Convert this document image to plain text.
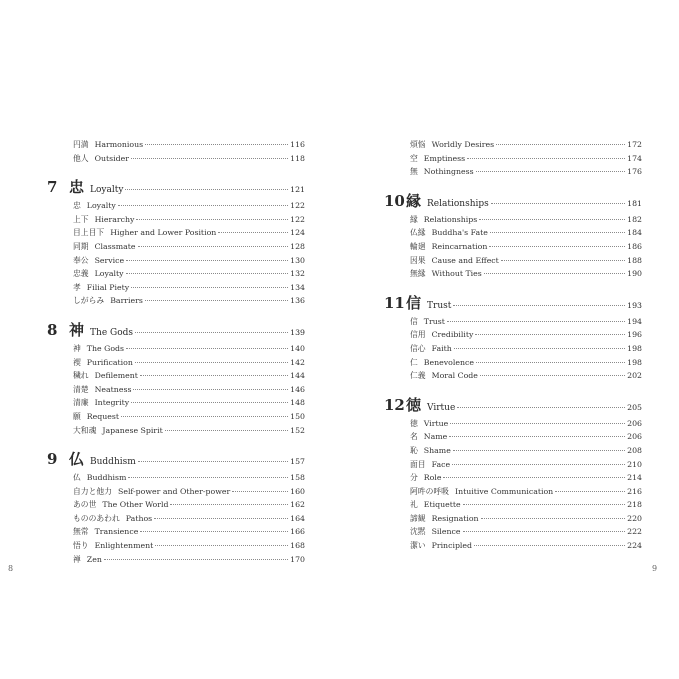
円満 Harmonious	116
他人 Outsider	118
7 忠 Loyalty	121
忠 Loyalty	122
上下 Hierarchy	122
目上目下 Higher and Lower Position	124
同期 Classmate	128
奉公 Service	130
忠義 Loyalty	132
孝 Filial Piety	134
しがらみ Barriers	136
8 神 The Gods	139
神 The Gods	140
禊 Purification	142
穢れ Defilement	144
清楚 Neatness	146
清廉 Integrity	148
願 Request	150
大和魂 Japanese Spirit	152
9 仏 Buddhism	157
仏 Buddhism	158
自力と他力 Self-power and Other-power	160
あの世 The Other World	162
もののあわれ Pathos	164
無常 Transience	166
悟り Enlightenment	168
禅 Zen	170
煩悩 Worldly Desires	172
空 Emptiness	174
無 Nothingness	176
10 縁 Relationships	181
縁 Relationships	182
仏縁 Buddha's Fate	184
輪廻 Reincarnation	186
因果 Cause and Effect	188
無縁 Without Ties	190
11 信 Trust	193
信 Trust	194
信用 Credibility	196
信心 Faith	198
仁 Benevolence	198
仁義 Moral Code	202
12 徳 Virtue	205
徳 Virtue	206
名 Name	206
恥 Shame	208
面目 Face	210
分 Role	214
阿吽の呼吸 Intuitive Communication	216
礼 Etiquette	218
諦観 Resignation	220
沈黙 Silence	222
潔い Principled	224
8	9
